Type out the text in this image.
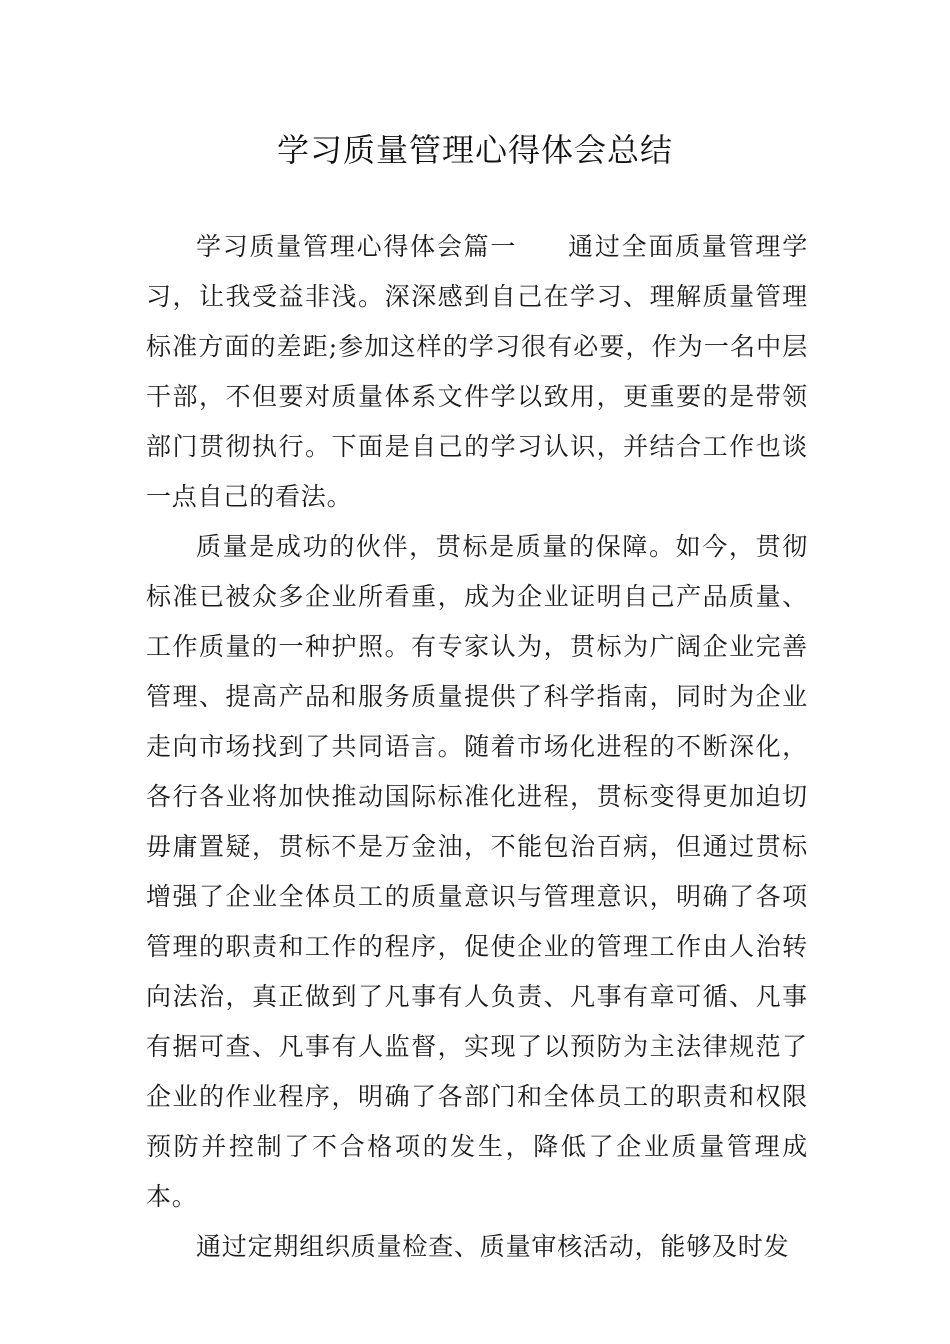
学习质量管理心得体会总结

学习质量管理心得体会篇一 通过全面质量管理学习，让我受益非浅。深深感到自己在学习、理解质量管理标准方面的差距;参加这样的学习很有必要，作为一名中层干部，不但要对质量体系文件学以致用，更重要的是带领部门贯彻执行。下面是自己的学习认识，并结合工作也谈一点自己的看法。

质量是成功的伙伴，贯标是质量的保障。如今，贯彻标准已被众多企业所看重，成为企业证明自己产品质量、工作质量的一种护照。有专家认为，贯标为广阔企业完善管理、提高产品和服务质量提供了科学指南，同时为企业走向市场找到了共同语言。随着市场化进程的不断深化，各行各业将加快推动国际标准化进程，贯标变得更加迫切毋庸置疑，贯标不是万金油，不能包治百病，但通过贯标增强了企业全体员工的质量意识与管理意识，明确了各项管理的职责和工作的程序，促使企业的管理工作由人治转向法治，真正做到了凡事有人负责、凡事有章可循、凡事有据可查、凡事有人监督，实现了以预防为主法律规范了企业的作业程序，明确了各部门和全体员工的职责和权限预防并控制了不合格项的发生，降低了企业质量管理成本。

通过定期组织质量检查、质量审核活动，能够及时发
